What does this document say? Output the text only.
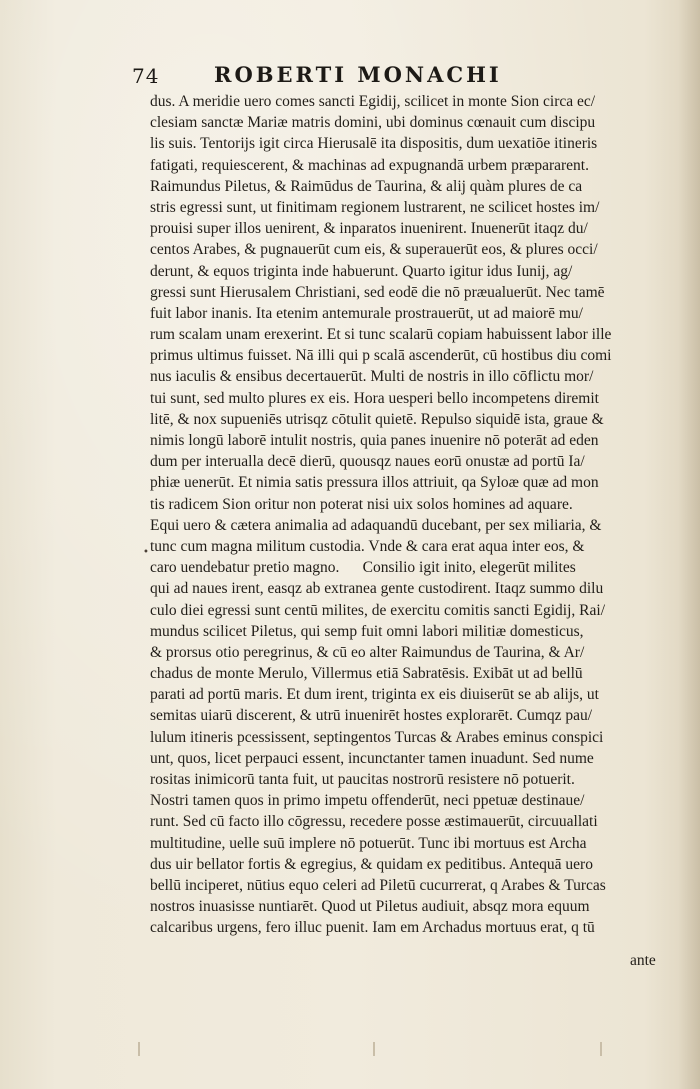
74	ROBERTI MONACHI
•
dus. A meridie uero comes sancti Egidij, scilicet in monte Sion circa ec/
clesiam sanctæ Mariæ matris domini, ubi dominus cœnauit cum discipu
lis suis. Tentorijs igit circa Hierusalē ita dispositis, dum uexatiōe itineris
fatigati, requiescerent, & machinas ad expugnandā urbem præpararent.
Raimundus Piletus, & Raimūdus de Taurina, & alij quàm plures de ca
stris egressi sunt, ut finitimam regionem lustrarent, ne scilicet hostes im/
prouisi super illos uenirent, & inparatos inuenirent. Inuenerūt itaqz du/
centos Arabes, & pugnauerūt cum eis, & superauerūt eos, & plures occi/
derunt, & equos triginta inde habuerunt. Quarto igitur idus Iunij, ag/
gressi sunt Hierusalem Christiani, sed eodē die nō præualuerūt. Nec tamē
fuit labor inanis. Ita etenim antemurale prostrauerūt, ut ad maiorē mu/
rum scalam unam erexerint. Et si tunc scalarū copiam habuissent labor ille
primus ultimus fuisset. Nā illi qui p scalā ascenderūt, cū hostibus diu comi
nus iaculis & ensibus decertauerūt. Multi de nostris in illo cōflictu mor/
tui sunt, sed multo plures ex eis. Hora uesperi bello incompetens diremit
litē, & nox supueniēs utrisqz cōtulit quietē. Repulso siquidē ista, graue &
nimis longū laborē intulit nostris, quia panes inuenire nō poterāt ad eden
dum per interualla decē dierū, quousqz naues eorū onustæ ad portū Ia/
phiæ uenerūt. Et nimia satis pressura illos attriuit, qa Syloæ quæ ad mon
tis radicem Sion oritur non poterat nisi uix solos homines ad aquare.
Equi uero & cætera animalia ad adaquandū ducebant, per sex miliaria, &
tunc cum magna militum custodia. Vnde & cara erat aqua inter eos, &
caro uendebatur pretio magno.      Consilio igit inito, elegerūt milites
qui ad naues irent, easqz ab extranea gente custodirent. Itaqz summo dilu
culo diei egressi sunt centū milites, de exercitu comitis sancti Egidij, Rai/
mundus scilicet Piletus, qui semp fuit omni labori militiæ domesticus,
& prorsus otio peregrinus, & cū eo alter Raimundus de Taurina, & Ar/
chadus de monte Merulo, Villermus etiā Sabratēsis. Exibāt ut ad bellū
parati ad portū maris. Et dum irent, triginta ex eis diuiserūt se ab alijs, ut
semitas uiarū discerent, & utrū inuenirēt hostes explorarēt. Cumqz pau/
lulum itineris pcessissent, septingentos Turcas & Arabes eminus conspici
unt, quos, licet perpauci essent, incunctanter tamen inuadunt. Sed nume
rositas inimicorū tanta fuit, ut paucitas nostrorū resistere nō potuerit.
Nostri tamen quos in primo impetu offenderūt, neci ppetuæ destinaue/
runt. Sed cū facto illo cōgressu, recedere posse æstimauerūt, circuuallati
multitudine, uelle suū implere nō potuerūt. Tunc ibi mortuus est Archa
dus uir bellator fortis & egregius, & quidam ex peditibus. Antequā uero
bellū inciperet, nūtius equo celeri ad Piletū cucurrerat, q Arabes & Turcas
nostros inuasisse nuntiarēt. Quod ut Piletus audiuit, absqz mora equum
calcaribus urgens, fero illuc puenit. Iam em Archadus mortuus erat, q tū
ante
